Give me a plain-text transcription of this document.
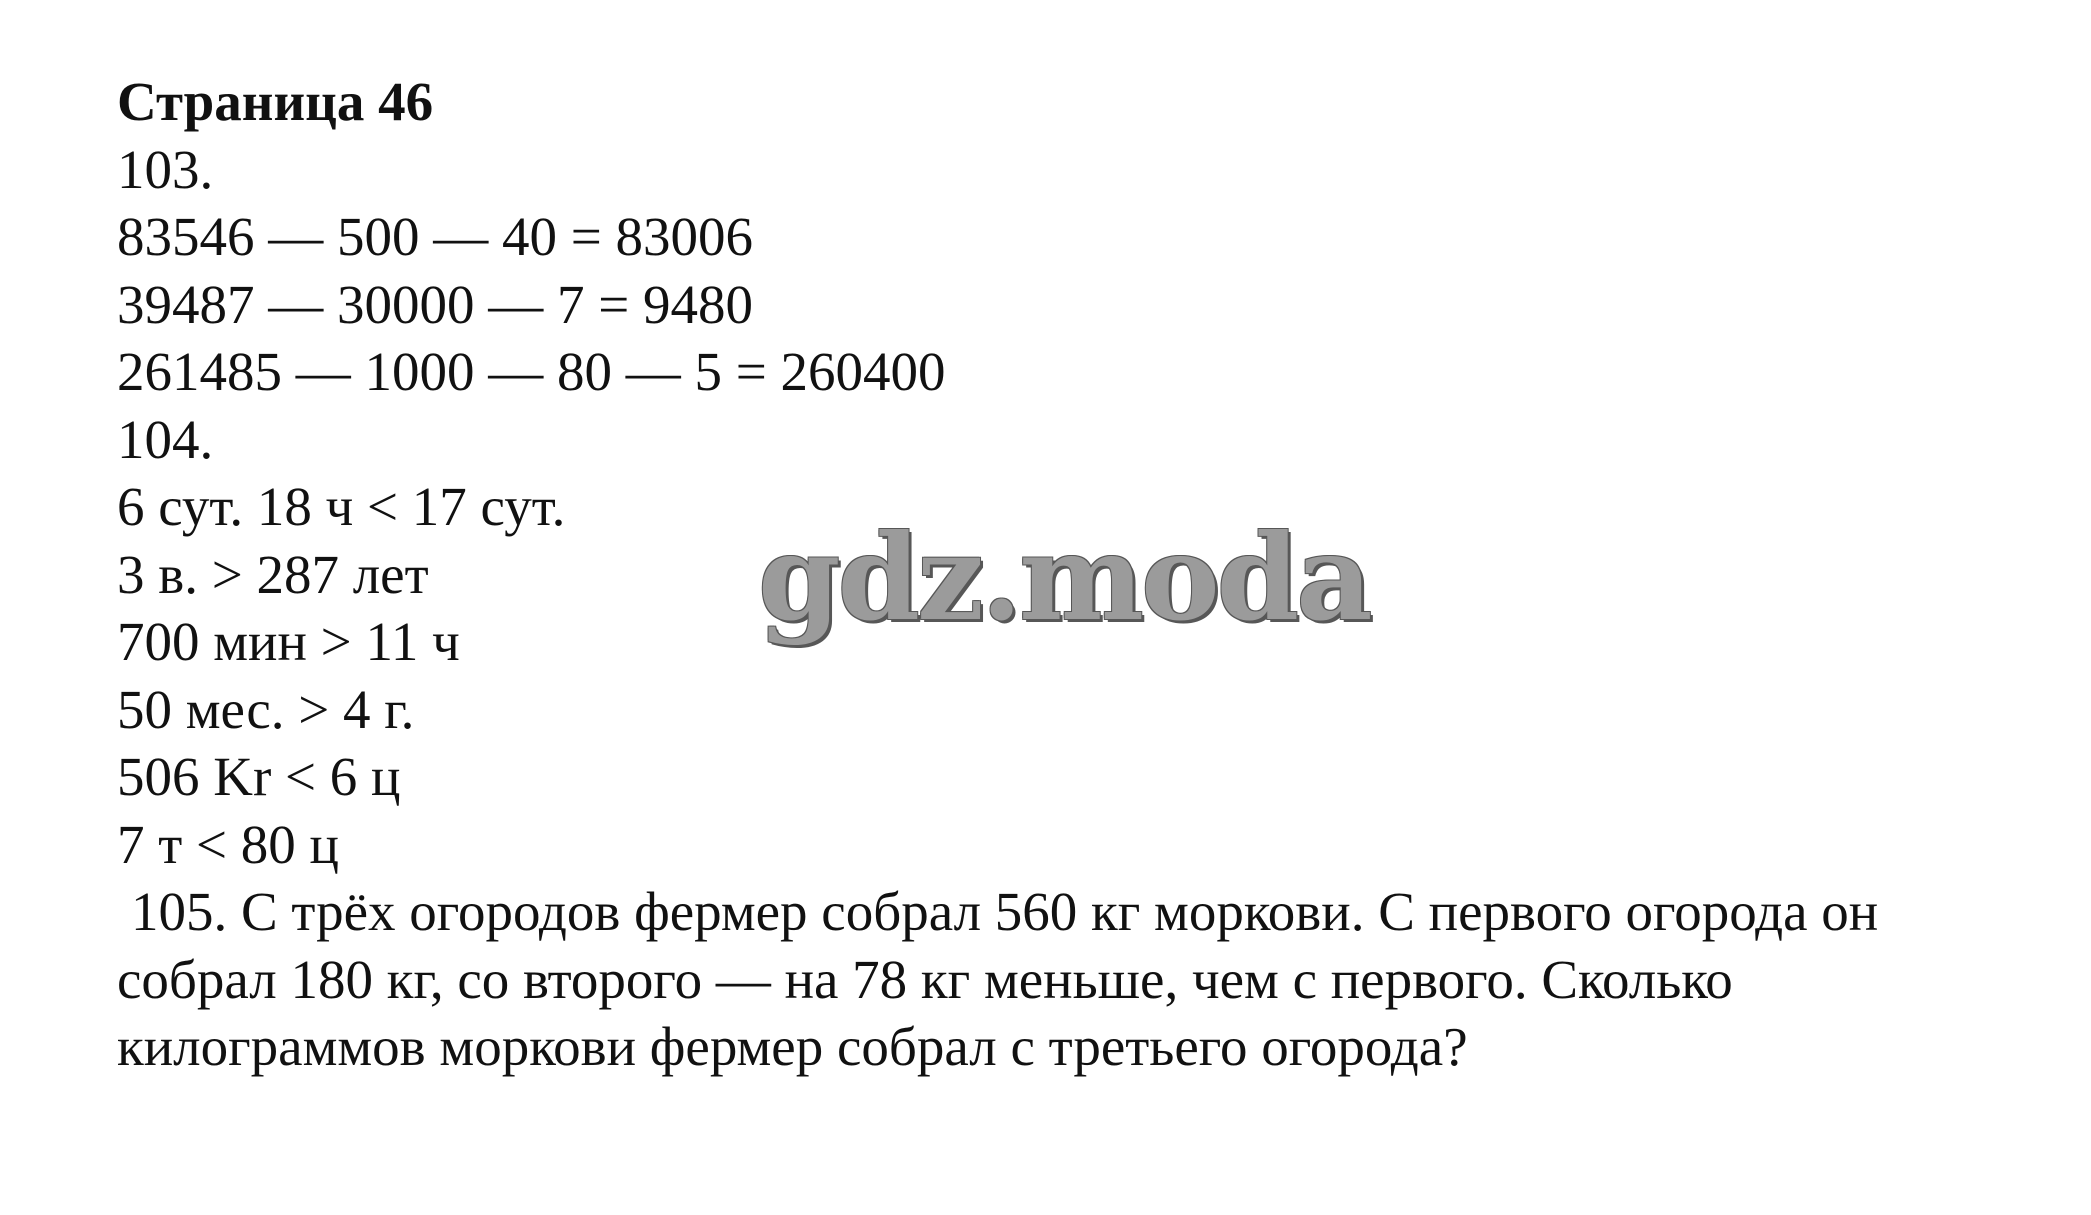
Страница 46

103.

83546 — 500 — 40 = 83006

39487 — 30000 — 7 = 9480

261485 — 1000 — 80 — 5 = 260400

104.

6 сут. 18 ч < 17 сут.

3 в. > 287 лет

700 мин > 11 ч

50 мес. > 4 г.

506 Kr < 6 ц

7 т < 80 ц

105. С трёх огородов фермер собрал 560 кг моркови. С первого огорода он

собрал 180 кг, со второго — на 78 кг меньше, чем с первого. Сколько

килограммов моркови фермер собрал с третьего огорода?

gdz.moda
